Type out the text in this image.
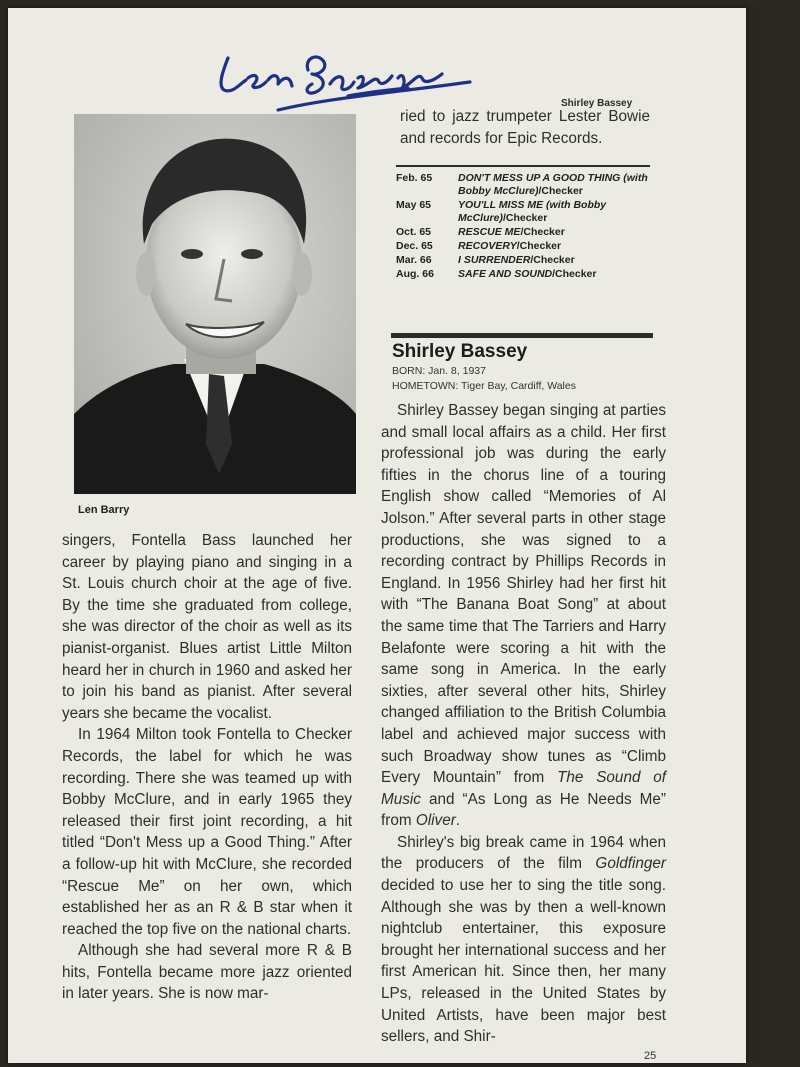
Shirley Bassey
Len Barry

singers, Fontella Bass launched her career by playing piano and singing in a St. Louis church choir at the age of five. By the time she graduated from college, she was director of the choir as well as its pianist-organist. Blues artist Little Milton heard her in church in 1960 and asked her to join his band as pianist. After several years she became the vocalist.

In 1964 Milton took Fontella to Checker Records, the label for which he was recording. There she was teamed up with Bobby McClure, and in early 1965 they released their first joint recording, a hit titled “Don't Mess up a Good Thing.” After a follow-up hit with McClure, she recorded “Rescue Me” on her own, which established her as an R & B star when it reached the top five on the national charts.

Although she had several more R & B hits, Fontella became more jazz oriented in later years. She is now mar-

ried to jazz trumpeter Lester Bowie and records for Epic Records.

Feb. 65	DON'T MESS UP A GOOD THING (with Bobby McClure)/Checker
May 65	YOU'LL MISS ME (with Bobby McClure)/Checker
Oct. 65	RESCUE ME/Checker
Dec. 65	RECOVERY/Checker
Mar. 66	I SURRENDER/Checker
Aug. 66	SAFE AND SOUND/Checker
Shirley Bassey
BORN: Jan. 8, 1937
HOMETOWN: Tiger Bay, Cardiff, Wales

Shirley Bassey began singing at parties and small local affairs as a child. Her first professional job was during the early fifties in the chorus line of a touring English show called “Memories of Al Jolson.” After several parts in other stage productions, she was signed to a recording contract by Phillips Records in England. In 1956 Shirley had her first hit with “The Banana Boat Song” at about the same time that The Tarriers and Harry Belafonte were scoring a hit with the same song in America. In the early sixties, after several other hits, Shirley changed affiliation to the British Columbia label and achieved major success with such Broadway show tunes as “Climb Every Mountain” from The Sound of Music and “As Long as He Needs Me” from Oliver.

Shirley's big break came in 1964 when the producers of the film Goldfinger decided to use her to sing the title song. Although she was by then a well-known nightclub entertainer, this exposure brought her international success and her first American hit. Since then, her many LPs, released in the United States by United Artists, have been major best sellers, and Shir-

25
